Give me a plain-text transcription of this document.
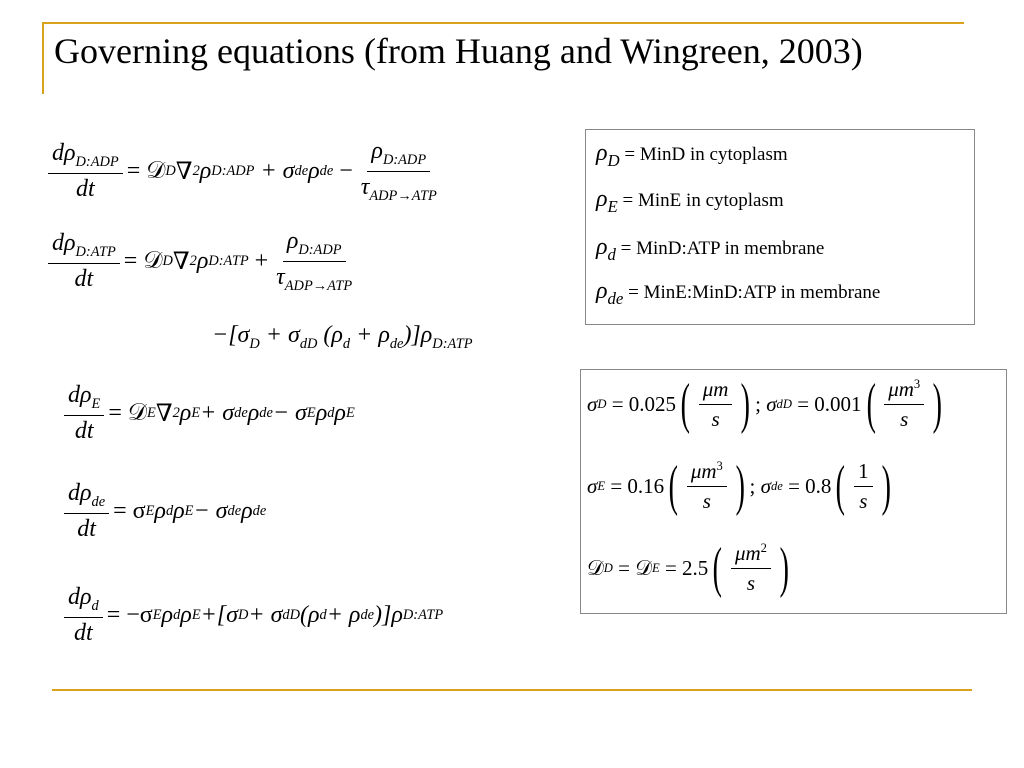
Governing equations (from Huang and Wingreen, 2003)
$\frac{d\rho_{D:ADP}}{dt}$ = 𝒟 D ∇ 2 ρ D:ADP
+ σ de ρ de
− $\frac{\rho_{D:ADP}}{\tau_{ADP\to ATP}}$
$\frac{d\rho_{D:ATP}}{dt}$ = 𝒟 D ∇ 2 ρ D:ATP
+ $\frac{\rho_{D:ADP}}{\tau_{ADP\to ATP}}$
$-[\sigma_D + \sigma_{dD}$ $(\rho_d + \rho_{de})]\rho_{D:ATP}$
$\frac{d\rho_E}{dt}$ = 𝒟 E ∇ 2 ρ E + σ de ρ de − σ E ρ d ρ E
$\frac{d\rho_{de}}{dt} = \sigma$ E ρ d ρ E − σ de ρ de
$\frac{d\rho_d}{dt} = -\sigma$ E ρ d ρ E +[σ D + σ dD (ρ d + ρ de )]ρ D:ATP
$\rho_D$ = MinD in cytoplasm
$\rho_E$ = MinE in cytoplasm
$\rho_d$ = MinD:ATP in membrane
$\rho_{de}$ = MinE:MinD:ATP in membrane
σ D
= 0.025 ( $\frac{\mu m}{s}$ ) ;
σ dD
= 0.001 ( $\frac{\mu m^3}{s}$ )
σ E
= 0.16 ( $\frac{\mu m^3}{s}$ ) ;
σ de
= 0.8 ( $\frac{1}{s}$ )
𝒟 D
=
𝒟 E
= 2.5 ( $\frac{\mu m^2}{s}$ )
